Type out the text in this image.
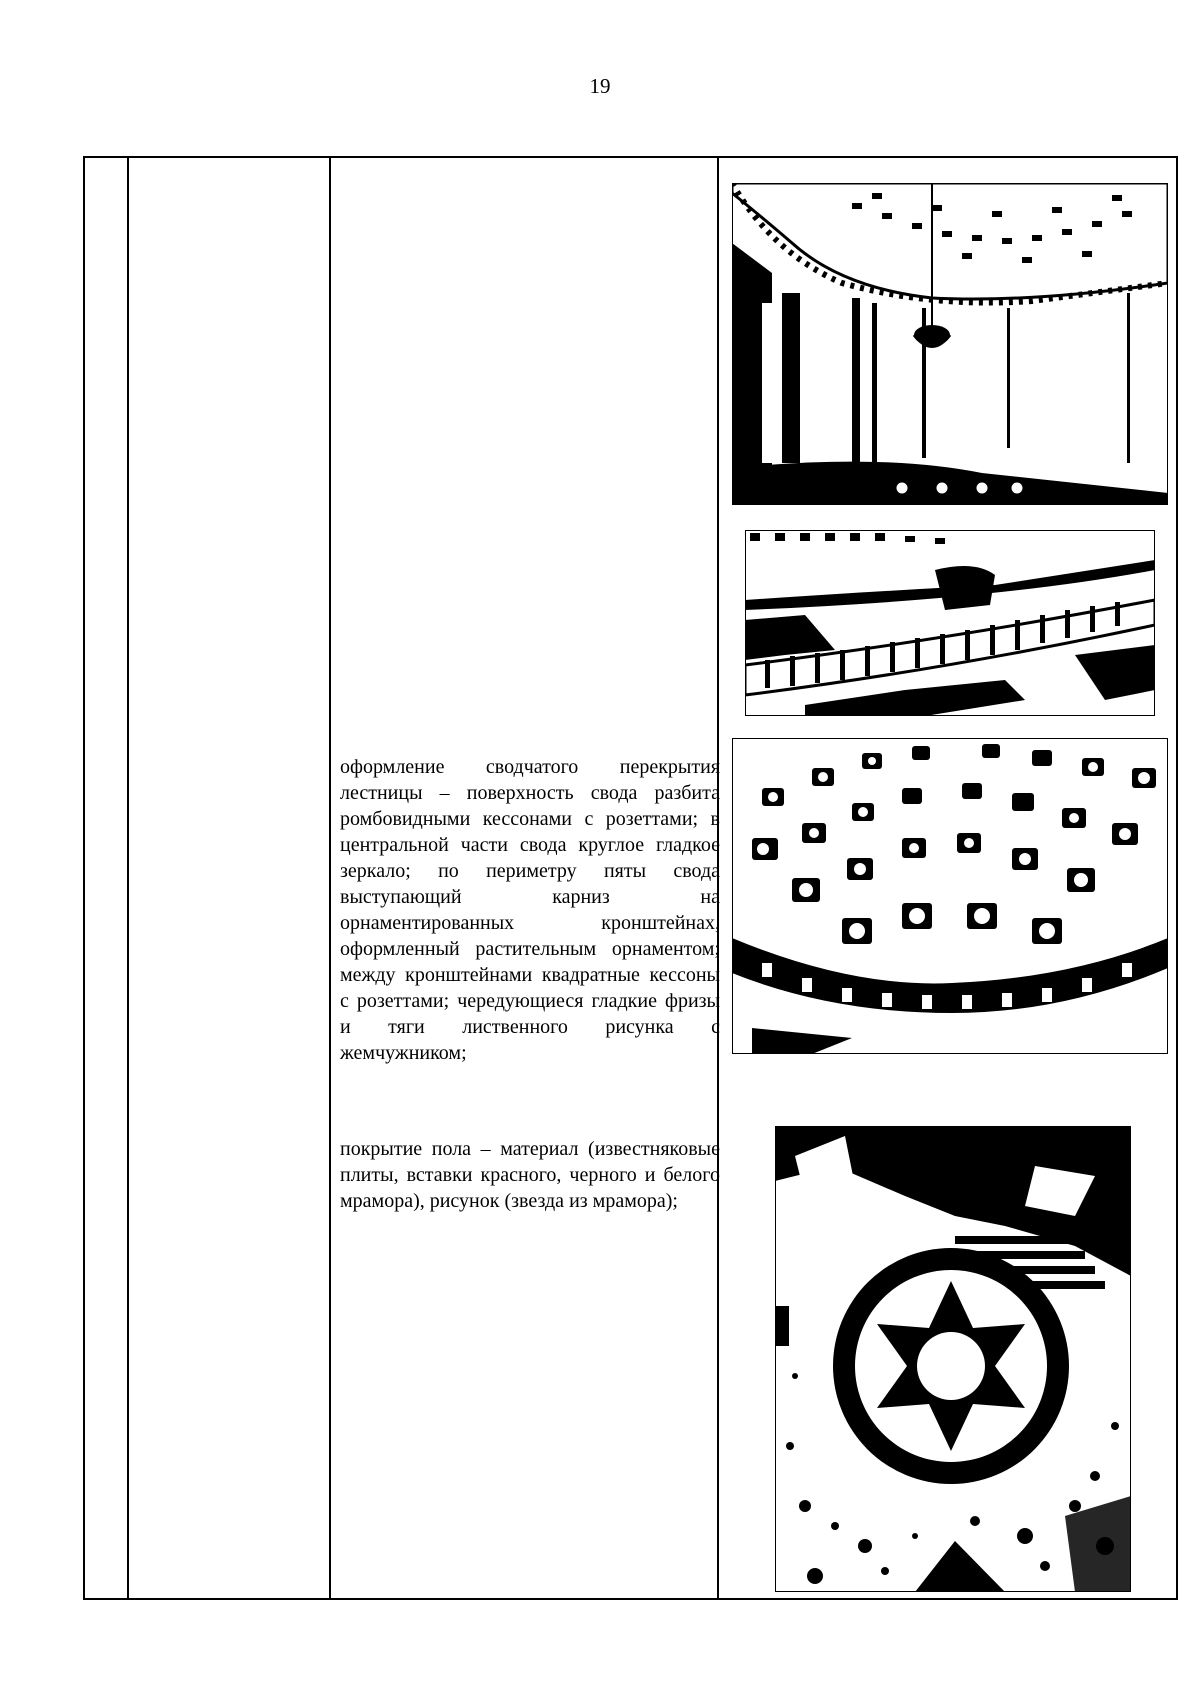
19

оформление сводчатого перекрытия лестницы – поверхность свода разбита ромбовидными кессонами с розеттами; в центральной части свода круглое гладкое зеркало; по периметру пяты свода выступающий карниз на орнаментированных кронштейнах, оформленный растительным орнаментом; между кронштейнами квадратные кессоны с розеттами; чередующиеся гладкие фризы и тяги лиственного рисунка с жемчужником;
покрытие пола – материал (известняковые плиты, вставки красного, черного и белого мрамора), рисунок (звезда из мрамора);
